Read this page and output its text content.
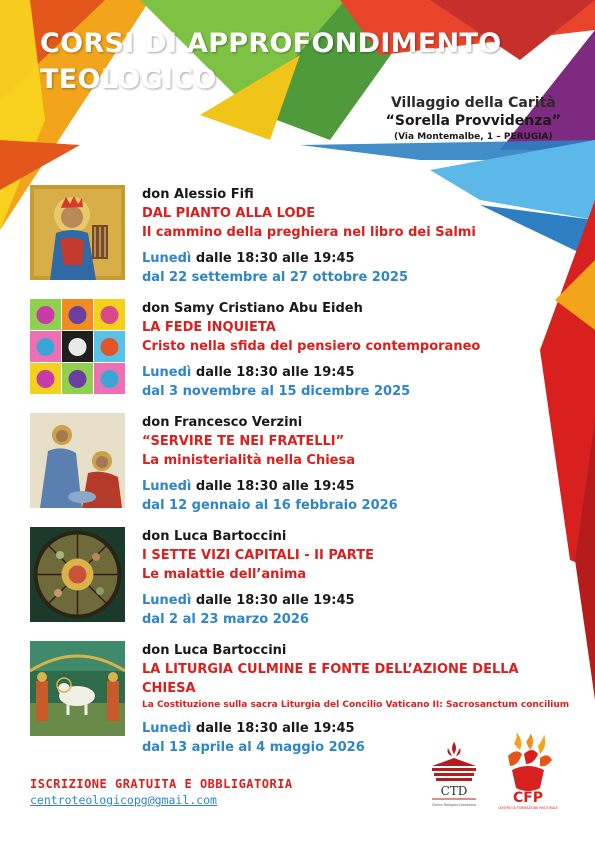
CORSI DI APPROFONDIMENTO
TEOLOGICO
Villaggio della Carità
“Sorella Provvidenza”
(Via Montemalbe, 1 – PERUGIA)
don Alessio Fifi
DAL PIANTO ALLA LODE
Il cammino della preghiera nel libro dei Salmi
Lunedì dalle 18:30 alle 19:45
dal 22 settembre al 27 ottobre 2025
don Samy Cristiano Abu Eideh
LA FEDE INQUIETA
Cristo nella sfida del pensiero contemporaneo
Lunedì dalle 18:30 alle 19:45
dal 3 novembre al 15 dicembre 2025
don Francesco Verzini
“SERVIRE TE NEI FRATELLI”
La ministerialità nella Chiesa
Lunedì dalle 18:30 alle 19:45
dal 12 gennaio al 16 febbraio 2026
don Luca Bartoccini
I SETTE VIZI CAPITALI - II PARTE
Le malattie dell’anima
Lunedì dalle 18:30 alle 19:45
dal 2 al 23 marzo 2026
don Luca Bartoccini
LA LITURGIA CULMINE E FONTE DELL’AZIONE DELLA CHIESA
La Costituzione sulla sacra Liturgia del Concilio Vaticano II: Sacrosanctum concilium
Lunedì dalle 18:30 alle 19:45
dal 13 aprile al 4 maggio 2026
ISCRIZIONE GRATUITA E OBBLIGATORIA
centroteologicopg@gmail.com
CTD
Centro Teologico Diocesano	CFP
CENTRO DI FORMAZIONE PASTORALE
